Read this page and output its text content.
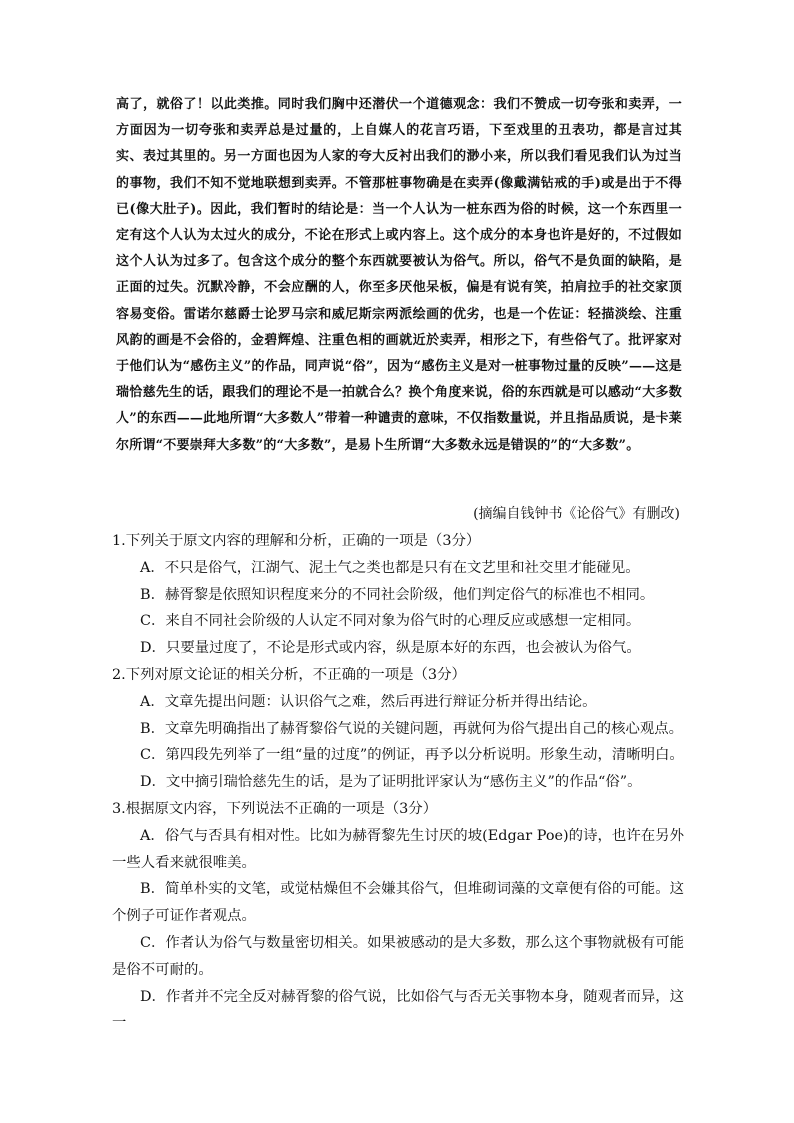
高了，就俗了！以此类推。同时我们胸中还潜伏一个道德观念：我们不赞成一切夸张和卖弄，一方面因为一切夸张和卖弄总是过量的，上自媒人的花言巧语，下至戏里的丑表功，都是言过其实、表过其里的。另一方面也因为人家的夸大反衬出我们的渺小来，所以我们看见我们认为过当的事物，我们不知不觉地联想到卖弄。不管那桩事物确是在卖弄(像戴满钻戒的手)或是出于不得已(像大肚子)。因此，我们暂时的结论是：当一个人认为一桩东西为俗的时候，这一个东西里一定有这个人认为太过火的成分，不论在形式上或内容上。这个成分的本身也许是好的，不过假如这个人认为过多了。包含这个成分的整个东西就要被认为俗气。所以，俗气不是负面的缺陷，是正面的过失。沉默冷静，不会应酬的人，你至多厌他呆板，偏是有说有笑，拍肩拉手的社交家顶容易变俗。雷诺尔慈爵士论罗马宗和威尼斯宗两派绘画的优劣，也是一个佐证：轻描淡绘、注重风韵的画是不会俗的，金碧辉煌、注重色相的画就近於卖弄，相形之下，有些俗气了。批评家对于他们认为“感伤主义”的作品，同声说“俗”，因为“感伤主义是对一桩事物过量的反映”——这是瑞恰慈先生的话，跟我们的理论不是一拍就合么？换个角度来说，俗的东西就是可以感动“大多数人”的东西——此地所谓“大多数人”带着一种谴责的意味，不仅指数量说，并且指品质说，是卡莱尔所谓“不要崇拜大多数”的“大多数”，是易卜生所谓“大多数永远是错误的”的“大多数”。

(摘编自钱钟书《论俗气》有删改)

1.下列关于原文内容的理解和分析，正确的一项是（3分）

A．不只是俗气，江湖气、泥土气之类也都是只有在文艺里和社交里才能碰见。

B．赫胥黎是依照知识程度来分的不同社会阶级，他们判定俗气的标准也不相同。

C．来自不同社会阶级的人认定不同对象为俗气时的心理反应或感想一定相同。

D．只要量过度了，不论是形式或内容，纵是原本好的东西，也会被认为俗气。

2.下列对原文论证的相关分析，不正确的一项是（3分）

A．文章先提出问题：认识俗气之难，然后再进行辩证分析并得出结论。

B．文章先明确指出了赫胥黎俗气说的关键问题，再就何为俗气提出自己的核心观点。

C．第四段先列举了一组“量的过度”的例证，再予以分析说明。形象生动，清晰明白。

D．文中摘引瑞恰慈先生的话，是为了证明批评家认为“感伤主义”的作品“俗”。

3.根据原文内容，下列说法不正确的一项是（3分）

A．俗气与否具有相对性。比如为赫胥黎先生讨厌的坡(Edgar Poe)的诗，也许在另外一些人看来就很唯美。

B．简单朴实的文笔，或觉枯燥但不会嫌其俗气，但堆砌词藻的文章便有俗的可能。这个例子可证作者观点。

C．作者认为俗气与数量密切相关。如果被感动的是大多数，那么这个事物就极有可能是俗不可耐的。

D．作者并不完全反对赫胥黎的俗气说，比如俗气与否无关事物本身，随观者而异，这一
